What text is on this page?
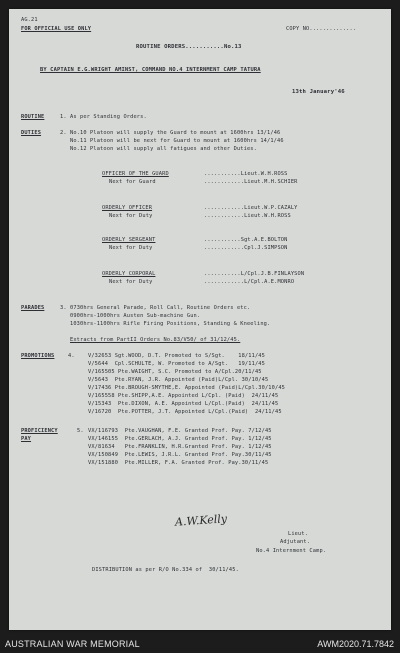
AG.21
FOR OFFICIAL USE ONLY	COPY NO..............
ROUTINE ORDERS...........No.13
BY CAPTAIN E.G.WRIGHT AMINST, COMMAND NO.4 INTERNMENT CAMP TATURA
13th January'46
ROUTINE	1. As per Standing Orders.
DUTIES	2. No.10 Platoon will supply the Guard to mount at 1600hrs 13/1/46
No.11 Platoon will be next for Guard to mount at 1600hrs 14/1/46
No.12 Platoon will supply all fatigues and other Duties.
OFFICER OF THE GUARD	...........Lieut.W.H.ROSS
Next for Guard	............Lieut.M.H.SCHIER
ORDERLY OFFICER	............Lieut.W.P.CAZALY
Next for Duty	............Lieut.W.H.ROSS
ORDERLY SERGEANT	...........Sgt.A.E.BOLTON
Next for Duty	............Cpl.J.SIMPSON
ORDERLY CORPORAL	...........L/Cpl.J.B.FINLAYSON
Next for Duty	............L/Cpl.A.E.MONRO
PARADES	3. 0730hrs General Parade, Roll Call, Routine Orders etc.
0900hrs-1000hrs Austen Sub-machine Gun.
1030hrs-1100hrs Rifle Firing Positions, Standing & Kneeling.
Extracts from PartII Orders No.83/V50/ of 31/12/45.
PROMOTIONS	4.	V/32653 Sgt.WOOD, D.T. Promoted to S/Sgt.    18/11/45
V/5644  Cpl.SCHULTE, W. Promoted to A/Sgt.   19/11/45
V/165505 Pte.WAIGHT, S.C. Promoted to A/Cpl.20/11/45
V/5643  Pte.RYAN, J.R. Appointed (Paid)L/Cpl. 30/10/45
V/17436 Pte.BROUGH-SMYTHE,E. Appointed (Paid)L/Cpl.30/10/45
V/165558 Pte.SHIPP,A.E. Appointed L/Cpl. (Paid)  24/11/45
V/15343  Pte.DIXON, A.E. Appointed L/Cpl.(Paid)  24/11/45
V/16720  Pte.POTTER, J.T. Appointed L/Cpl.(Paid)  24/11/45
PROFICIENCY
PAY
5. VX/116793  Pte.VAUGHAN, F.E. Granted Prof. Pay. 7/12/45
VX/146155  Pte.GERLACH, A.J. Granted Prof. Pay. 1/12/45
VX/81634   Pte.FRANKLIN, H.R.Granted Prof. Pay. 1/12/45
VX/150849  Pte.LEWIS, J.R.L. Granted Prof. Pay.30/11/45
VX/151880  Pte.MILLER, F.A. Granted Prof. Pay.30/11/45
A.W.Kelly
Lieut.
Adjutant.
No.4 Internment Camp.
DISTRIBUTION as per R/O No.334 of  30/11/45.
AUSTRALIAN WAR MEMORIAL	AWM2020.71.7842
